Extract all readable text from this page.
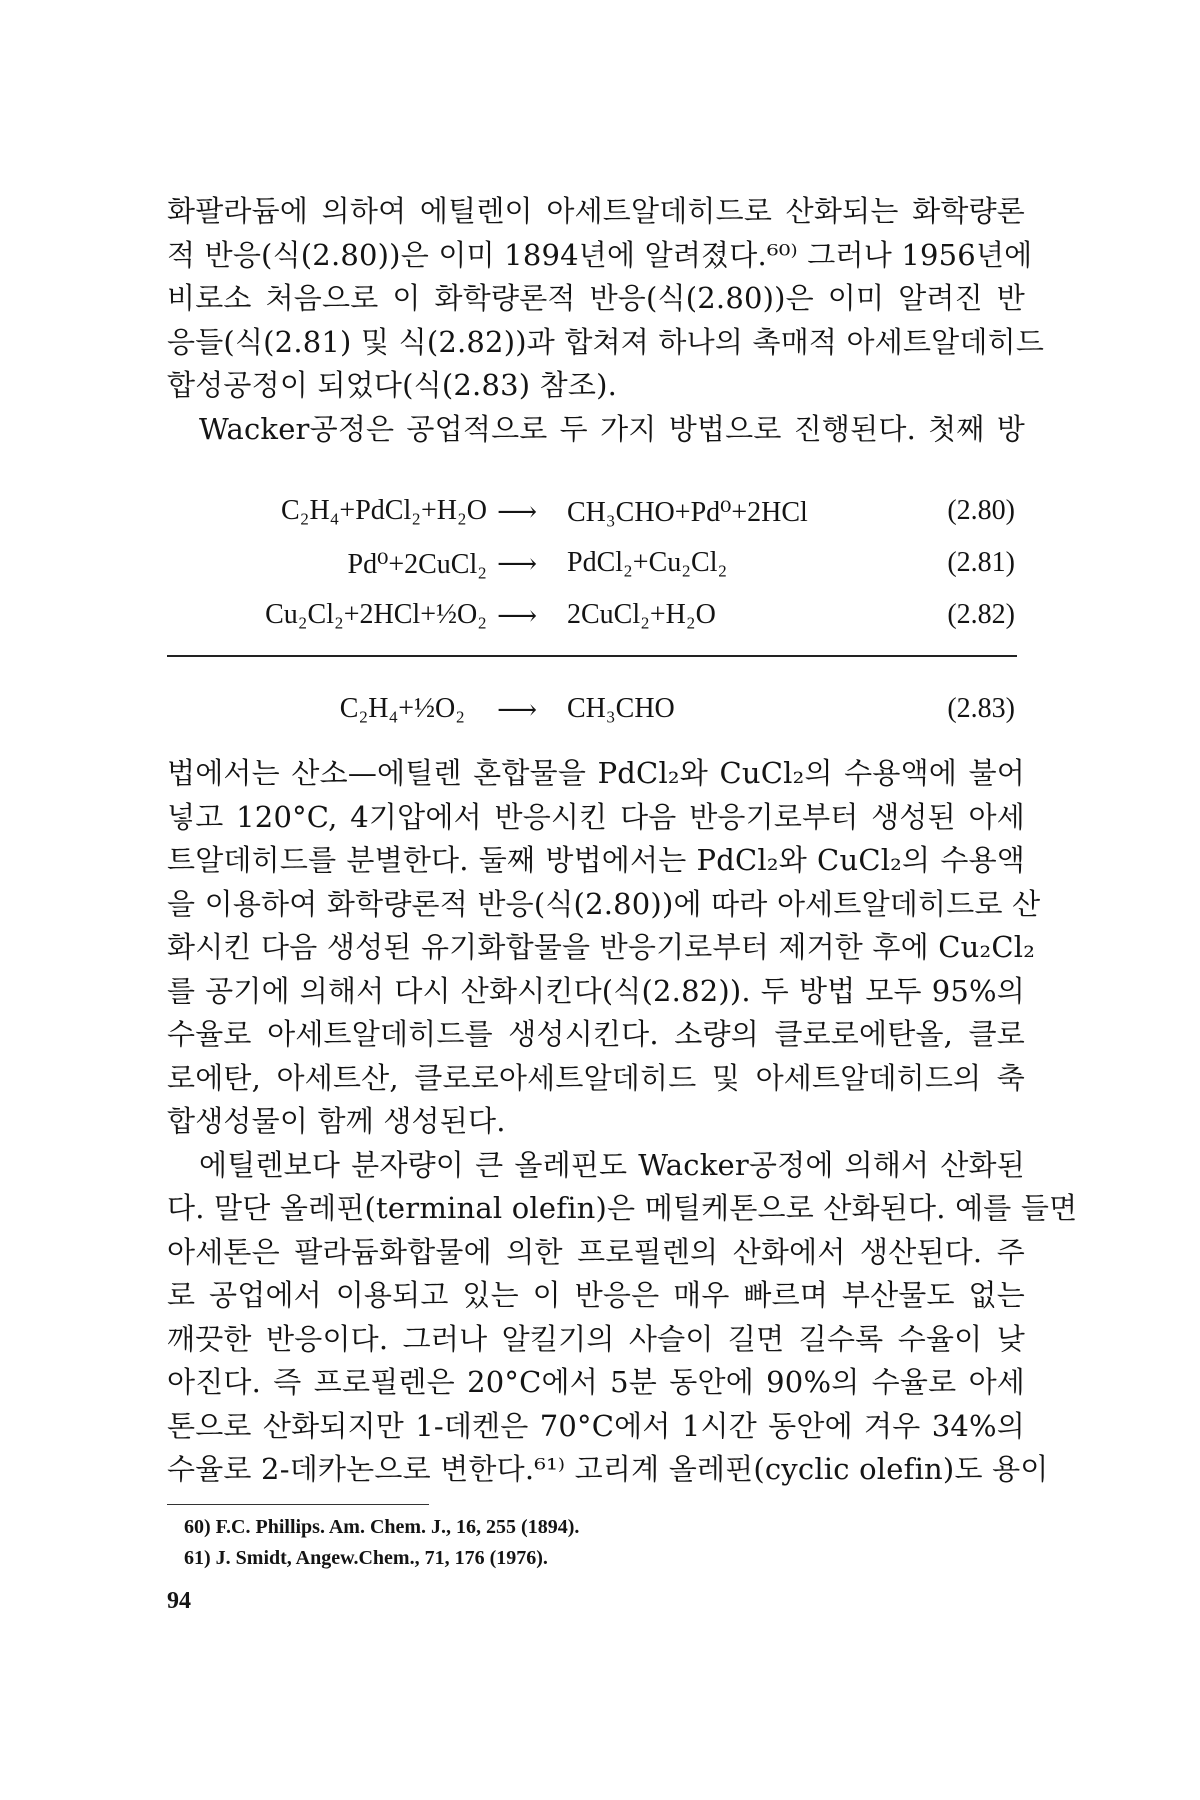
화팔라듐에 의하여 에틸렌이 아세트알데히드로 산화되는 화학량론
적 반응(식(2.80))은 이미 1894년에 알려졌다.⁶⁰⁾ 그러나 1956년에
비로소 처음으로 이 화학량론적 반응(식(2.80))은 이미 알려진 반
응들(식(2.81) 및 식(2.82))과 합쳐져 하나의 촉매적 아세트알데히드
합성공정이 되었다(식(2.83) 참조).
Wacker공정은 공업적으로 두 가지 방법으로 진행된다. 첫째 방
C₂H₄+PdCl₂+H₂O ⟶ CH₃CHO+Pd⁰+2HCl	(2.80)
Pd⁰+2CuCl₂ ⟶ PdCl₂+Cu₂Cl₂	(2.81)
Cu₂Cl₂+2HCl+½O₂ ⟶ 2CuCl₂+H₂O	(2.82)
C₂H₄+½O₂ ⟶ CH₃CHO	(2.83)
법에서는 산소—에틸렌 혼합물을 PdCl₂와 CuCl₂의 수용액에 불어
넣고 120°C, 4기압에서 반응시킨 다음 반응기로부터 생성된 아세
트알데히드를 분별한다. 둘째 방법에서는 PdCl₂와 CuCl₂의 수용액
을 이용하여 화학량론적 반응(식(2.80))에 따라 아세트알데히드로 산
화시킨 다음 생성된 유기화합물을 반응기로부터 제거한 후에 Cu₂Cl₂
를 공기에 의해서 다시 산화시킨다(식(2.82)). 두 방법 모두 95%의
수율로 아세트알데히드를 생성시킨다. 소량의 클로로에탄올, 클로
로에탄, 아세트산, 클로로아세트알데히드 및 아세트알데히드의 축
합생성물이 함께 생성된다.
에틸렌보다 분자량이 큰 올레핀도 Wacker공정에 의해서 산화된
다. 말단 올레핀(terminal olefin)은 메틸케톤으로 산화된다. 예를 들면
아세톤은 팔라듐화합물에 의한 프로필렌의 산화에서 생산된다. 주
로 공업에서 이용되고 있는 이 반응은 매우 빠르며 부산물도 없는
깨끗한 반응이다. 그러나 알킬기의 사슬이 길면 길수록 수율이 낮
아진다. 즉 프로필렌은 20°C에서 5분 동안에 90%의 수율로 아세
톤으로 산화되지만 1-데켄은 70°C에서 1시간 동안에 겨우 34%의
수율로 2-데카논으로 변한다.⁶¹⁾ 고리계 올레핀(cyclic olefin)도 용이
60) F.C. Phillips. Am. Chem. J., 16, 255 (1894).
61) J. Smidt, Angew.Chem., 71, 176 (1976).
94
